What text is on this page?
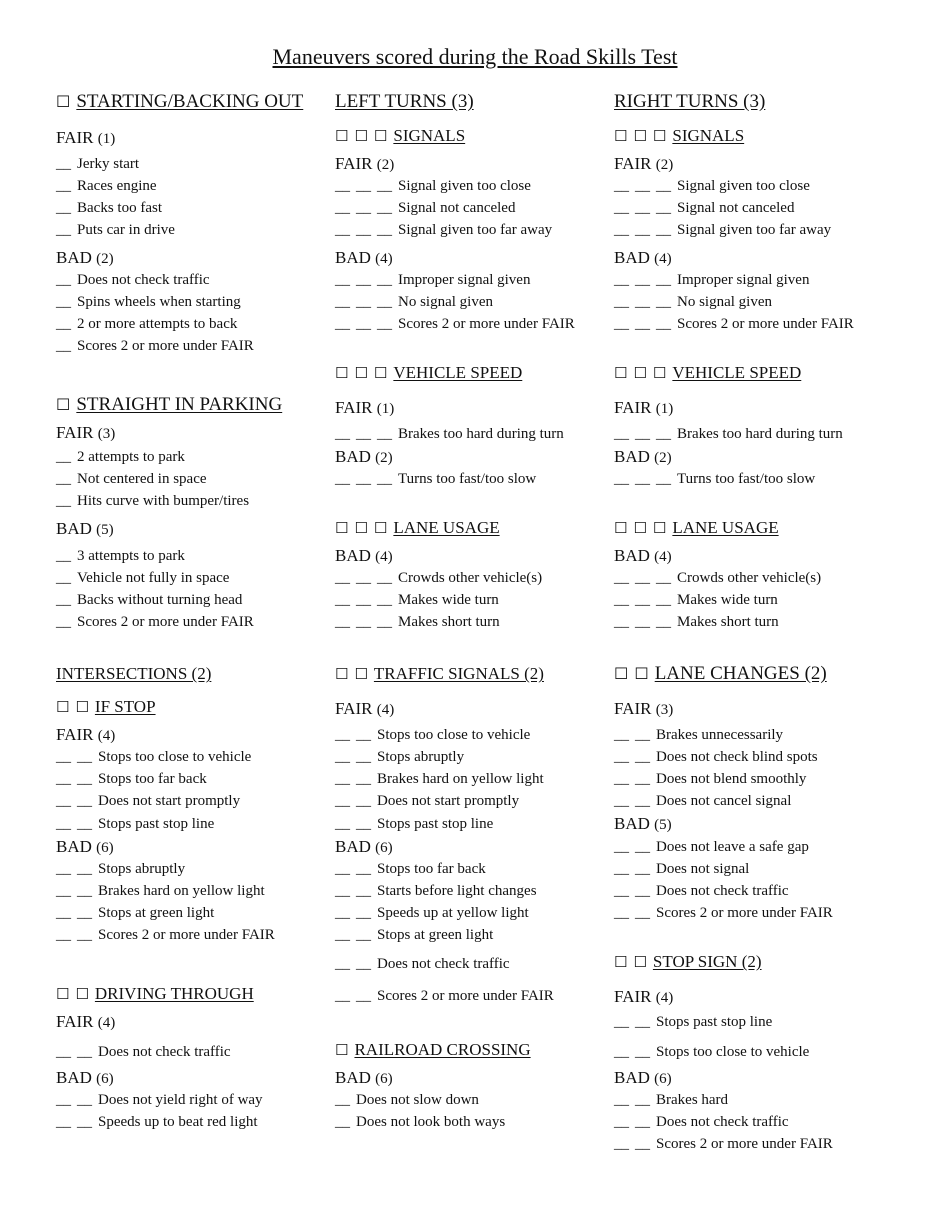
Maneuvers scored during the Road Skills Test
☐ STARTING/BACKING OUT
FAIR (1)
__ Jerky start
__ Races engine
__ Backs too fast
__ Puts car in drive
BAD (2)
__ Does not check traffic
__ Spins wheels when starting
__ 2 or more attempts to back
__ Scores 2 or more under FAIR
☐ STRAIGHT IN PARKING
FAIR (3)
__ 2 attempts to park
__ Not centered in space
__ Hits curve with bumper/tires
BAD (5)
__ 3 attempts to park
__ Vehicle not fully in space
__ Backs without turning head
__ Scores 2 or more under FAIR
INTERSECTIONS (2)
☐ ☐ IF STOP
FAIR (4)
__ __ Stops too close to vehicle
__ __ Stops too far back
__ __ Does not start promptly
__ __ Stops past stop line
BAD (6)
__ __ Stops abruptly
__ __ Brakes hard on yellow light
__ __ Stops at green light
__ __ Scores 2 or more under FAIR
☐ ☐ DRIVING THROUGH
FAIR (4)
__ __ Does not check traffic
BAD (6)
__ __ Does not yield right of way
__ __ Speeds up to beat red light
LEFT TURNS (3)
☐ ☐ ☐ SIGNALS
FAIR (2)
__ __ __ Signal given too close
__ __ __ Signal not canceled
__ __ __ Signal given too far away
BAD (4)
__ __ __ Improper signal given
__ __ __ No signal given
__ __ __ Scores 2 or more under FAIR
☐ ☐ ☐ VEHICLE SPEED
FAIR (1)
__ __ __ Brakes too hard during turn
BAD (2)
__ __ __ Turns too fast/too slow
☐ ☐ ☐ LANE USAGE
BAD (4)
__ __ __ Crowds other vehicle(s)
__ __ __ Makes wide turn
__ __ __ Makes short turn
☐ ☐ TRAFFIC SIGNALS (2)
FAIR (4)
__ __ Stops too close to vehicle
__ __ Stops abruptly
__ __ Brakes hard on yellow light
__ __ Does not start promptly
__ __ Stops past stop line
BAD (6)
__ __ Stops too far back
__ __ Starts before light changes
__ __ Speeds up at yellow light
__ __ Stops at green light
__ __ Does not check traffic
__ __ Scores 2 or more under FAIR
☐ RAILROAD CROSSING
BAD (6)
__ Does not slow down
__ Does not look both ways
RIGHT TURNS (3)
☐ ☐ ☐ SIGNALS
FAIR (2)
__ __ __ Signal given too close
__ __ __ Signal not canceled
__ __ __ Signal given too far away
BAD (4)
__ __ __ Improper signal given
__ __ __ No signal given
__ __ __ Scores 2 or more under FAIR
☐ ☐ ☐ VEHICLE SPEED
FAIR (1)
__ __ __ Brakes too hard during turn
BAD (2)
__ __ __ Turns too fast/too slow
☐ ☐ ☐ LANE USAGE
BAD (4)
__ __ __ Crowds other vehicle(s)
__ __ __ Makes wide turn
__ __ __ Makes short turn
☐ ☐ LANE CHANGES (2)
FAIR (3)
__ __ Brakes unnecessarily
__ __ Does not check blind spots
__ __ Does not blend smoothly
__ __ Does not cancel signal
BAD (5)
__ __ Does not leave a safe gap
__ __ Does not signal
__ __ Does not check traffic
__ __ Scores 2 or more under FAIR
☐ ☐ STOP SIGN (2)
FAIR (4)
__ __ Stops past stop line
__ __ Stops too close to vehicle
BAD (6)
__ __ Brakes hard
__ __ Does not check traffic
__ __ Scores 2 or more under FAIR
